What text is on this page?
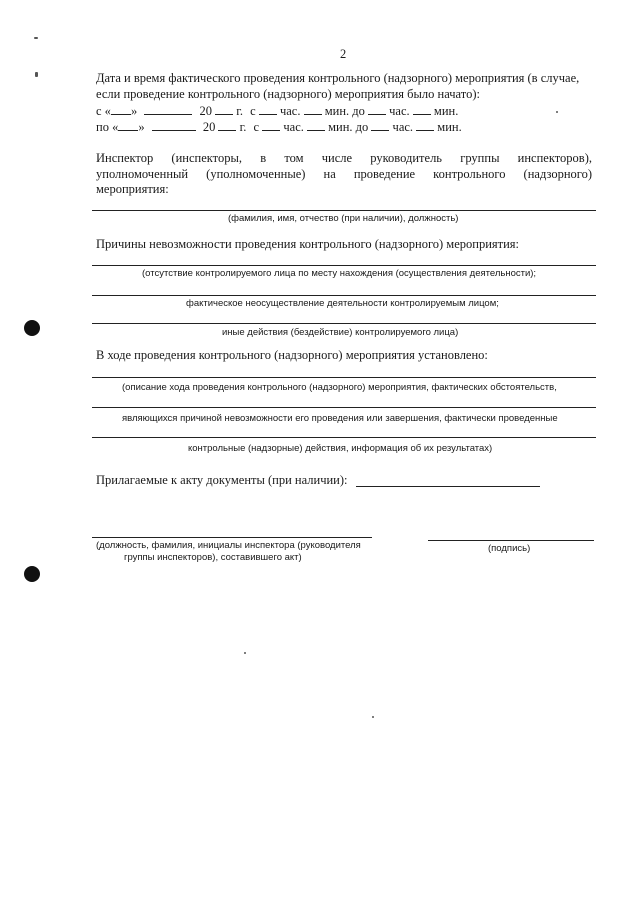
2
Дата и время фактического проведения контрольного (надзорного) мероприятия (в случае,
если проведение контрольного (надзорного) мероприятия было начато):
с « »	20 г. с час. мин. до час. мин.
по « »	20 г. с час. мин. до час. мин.
Инспектор (инспекторы, в том числе руководитель группы инспекторов),
уполномоченный (уполномоченные) на проведение контрольного (надзорного)
мероприятия:
(фамилия, имя, отчество (при наличии), должность)
Причины невозможности проведения контрольного (надзорного) мероприятия:
(отсутствие контролируемого лица по месту нахождения (осуществления деятельности);
фактическое неосуществление деятельности контролируемым лицом;
иные действия (бездействие) контролируемого лица)
В ходе проведения контрольного (надзорного) мероприятия установлено:
(описание хода проведения контрольного (надзорного) мероприятия, фактических обстоятельств,
являющихся причиной невозможности его проведения или завершения, фактически проведенные
контрольные (надзорные) действия, информация об их результатах)
Прилагаемые к акту документы (при наличии):
(должность, фамилия, инициалы инспектора (руководителя
группы инспекторов), составившего акт)
(подпись)
